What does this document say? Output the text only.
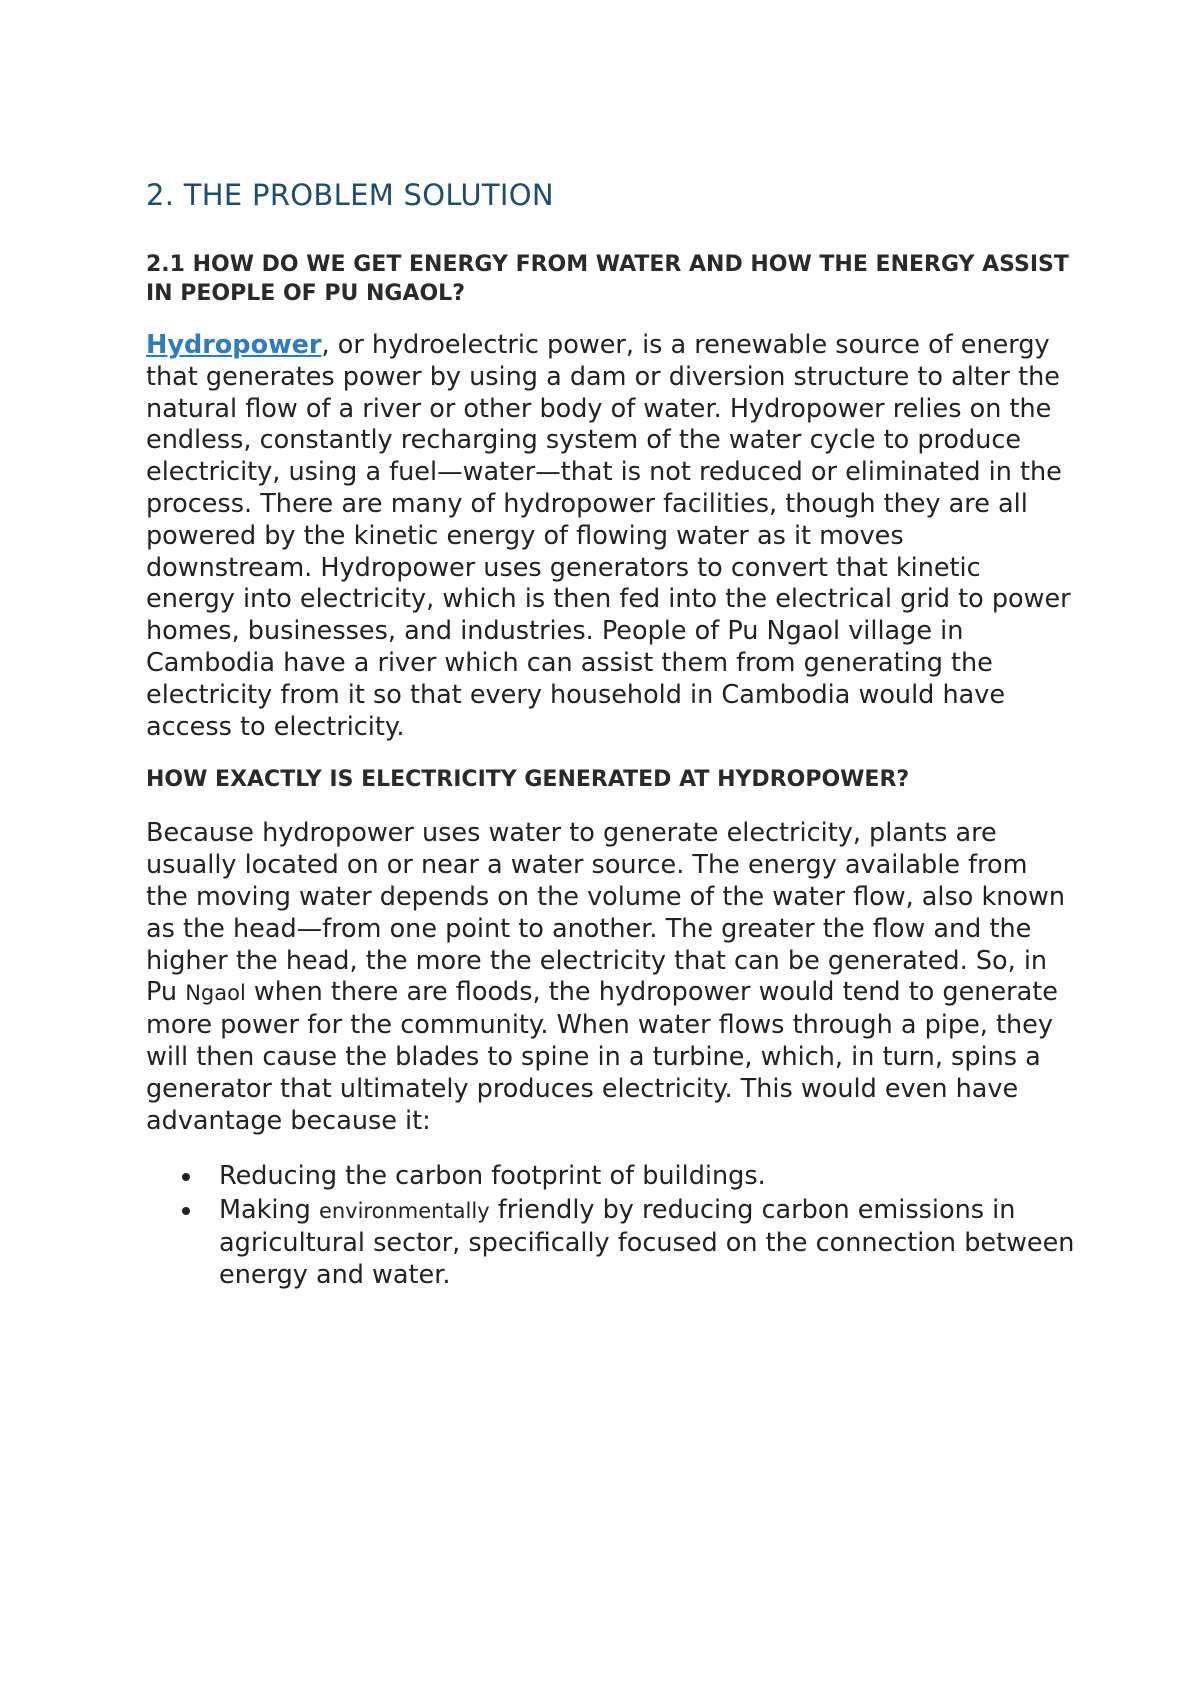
2. THE PROBLEM SOLUTION
2.1 HOW DO WE GET ENERGY FROM WATER AND HOW THE ENERGY ASSIST IN PEOPLE OF PU NGAOL?

Hydropower, or hydroelectric power, is a renewable source of energy that generates power by using a dam or diversion structure to alter the natural flow of a river or other body of water. Hydropower relies on the endless, constantly recharging system of the water cycle to produce electricity, using a fuel—water—that is not reduced or eliminated in the process. There are many of hydropower facilities, though they are all powered by the kinetic energy of flowing water as it moves downstream. Hydropower uses generators to convert that kinetic energy into electricity, which is then fed into the electrical grid to power homes, businesses, and industries. People of Pu Ngaol village in Cambodia have a river which can assist them from generating the electricity from it so that every household in Cambodia would have access to electricity.

HOW EXACTLY IS ELECTRICITY GENERATED AT HYDROPOWER?

Because hydropower uses water to generate electricity, plants are usually located on or near a water source. The energy available from the moving water depends on the volume of the water flow, also known as the head—from one point to another. The greater the flow and the higher the head, the more the electricity that can be generated. So, in Pu Ngaol when there are floods, the hydropower would tend to generate more power for the community. When water flows through a pipe, they will then cause the blades to spine in a turbine, which, in turn, spins a generator that ultimately produces electricity. This would even have advantage because it:

Reducing the carbon footprint of buildings.
Making environmentally friendly by reducing carbon emissions in agricultural sector, specifically focused on the connection between energy and water.
